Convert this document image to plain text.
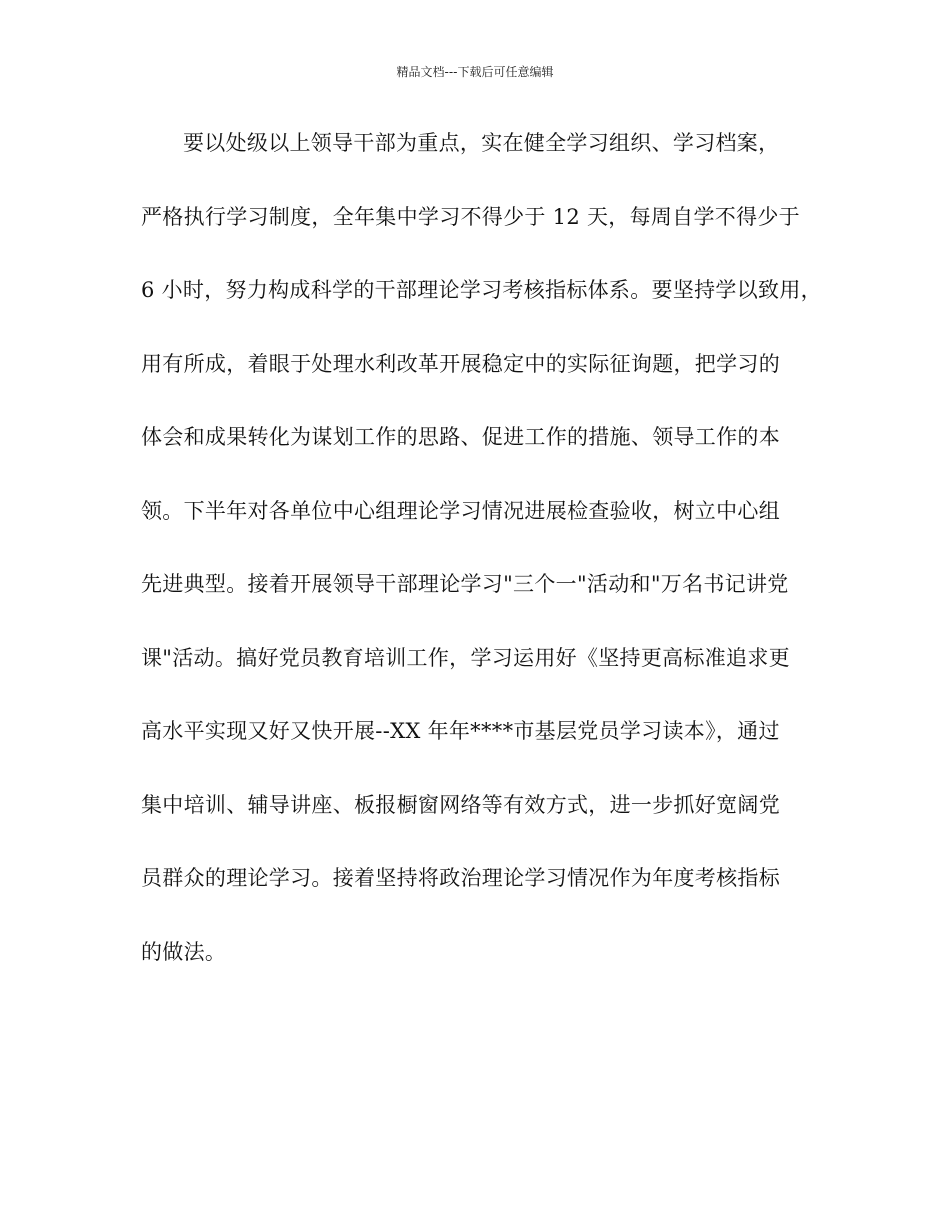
精品文档---下载后可任意编辑
要以处级以上领导干部为重点，实在健全学习组织、学习档案，
严格执行学习制度，全年集中学习不得少于 12 天，每周自学不得少于
6 小时，努力构成科学的干部理论学习考核指标体系。要坚持学以致用，
用有所成，着眼于处理水利改革开展稳定中的实际征询题，把学习的
体会和成果转化为谋划工作的思路、促进工作的措施、领导工作的本
领。下半年对各单位中心组理论学习情况进展检查验收，树立中心组
先进典型。接着开展领导干部理论学习"三个一"活动和"万名书记讲党
课"活动。搞好党员教育培训工作，学习运用好《坚持更高标准追求更
高水平实现又好又快开展--XX 年年****市基层党员学习读本》，通过
集中培训、辅导讲座、板报橱窗网络等有效方式，进一步抓好宽阔党
员群众的理论学习。接着坚持将政治理论学习情况作为年度考核指标
的做法。
